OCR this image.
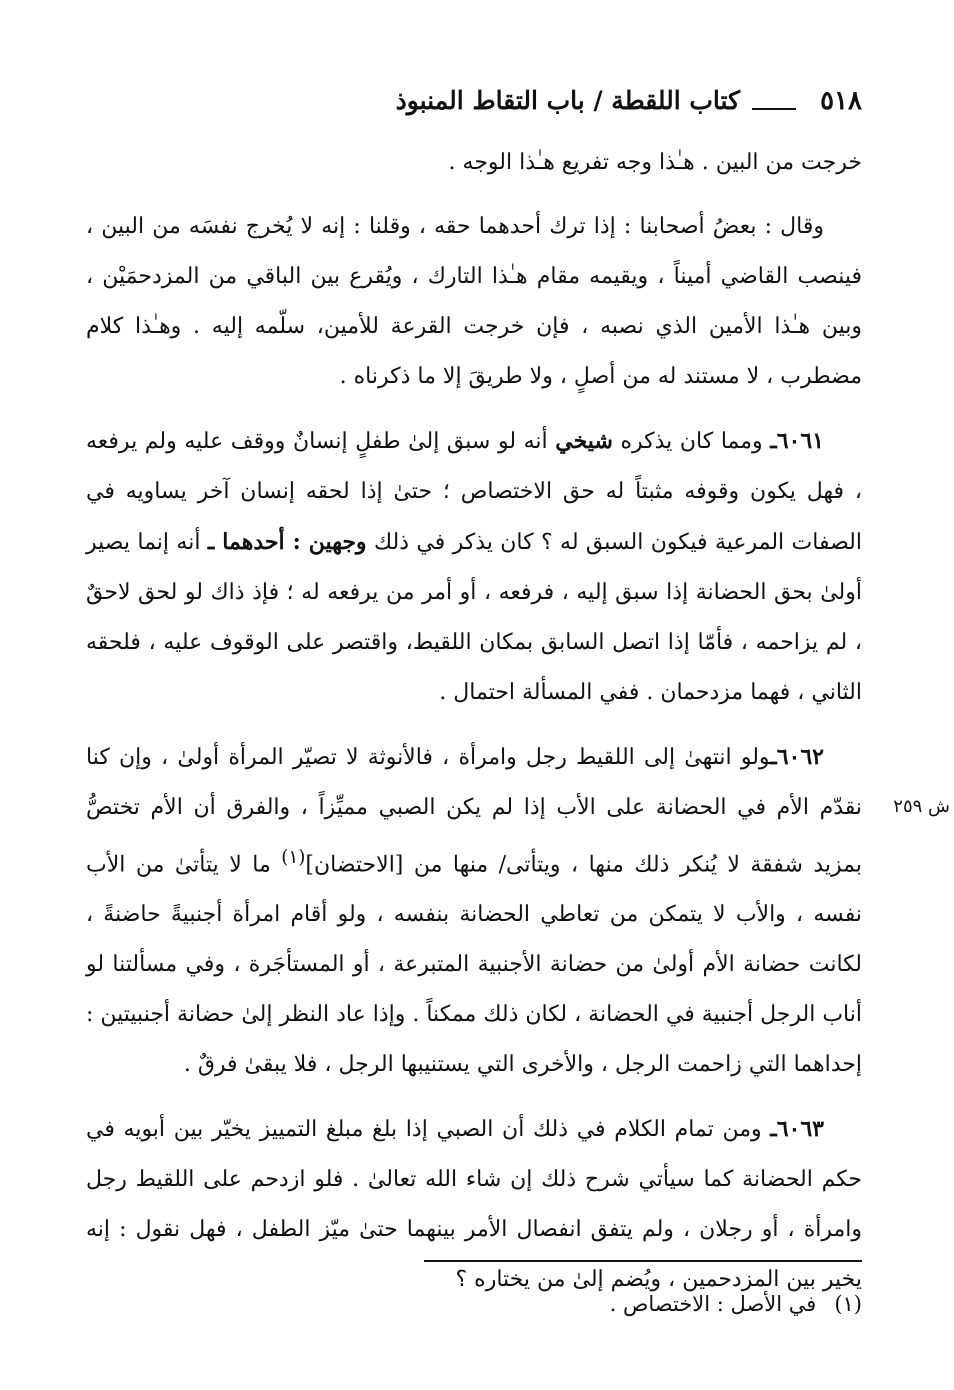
٥١٨
كتاب اللقطة / باب التقاط المنبوذ
ش ٢٥٩

خرجت من البين . هـٰذا وجه تفريع هـٰذا الوجه .

وقال : بعضُ أصحابنا : إذا ترك أحدهما حقه ، وقلنا : إنه لا يُخرج نفسَه من البين ، فينصب القاضي أميناً ، ويقيمه مقام هـٰذا التارك ، ويُقرع بين الباقي من المزدحمَيْن ، وبين هـٰذا الأمين الذي نصبه ، فإن خرجت القرعة للأمين، سلّمه إليه . وهـٰذا كلام مضطرب ، لا مستند له من أصلٍ ، ولا طريقَ إلا ما ذكرناه .

٦٠٦١ـ ومما كان يذكره شيخي أنه لو سبق إلىٰ طفلٍ إنسانٌ ووقف عليه ولم يرفعه ، فهل يكون وقوفه مثبتاً له حق الاختصاص ؛ حتىٰ إذا لحقه إنسان آخر يساويه في الصفات المرعية فيكون السبق له ؟ كان يذكر في ذلك وجهين : أحدهما ـ أنه إنما يصير أولىٰ بحق الحضانة إذا سبق إليه ، فرفعه ، أو أمر من يرفعه له ؛ فإذ ذاك لو لحق لاحقٌ ، لم يزاحمه ، فأمّا إذا اتصل السابق بمكان اللقيط، واقتصر على الوقوف عليه ، فلحقه الثاني ، فهما مزدحمان . ففي المسألة احتمال .

٦٠٦٢ـولو انتهىٰ إلى اللقيط رجل وامرأة ، فالأنوثة لا تصيّر المرأة أولىٰ ، وإن كنا نقدّم الأم في الحضانة على الأب إذا لم يكن الصبي مميِّزاً ، والفرق أن الأم تختصُّ بمزيد شفقة لا يُنكر ذلك منها ، ويتأتى/ منها من [الاحتضان]$^{(١)}$ ما لا يتأتىٰ من الأب نفسه ، والأب لا يتمكن من تعاطي الحضانة بنفسه ، ولو أقام امرأة أجنبيةً حاضنةً ، لكانت حضانة الأم أولىٰ من حضانة الأجنبية المتبرعة ، أو المستأجَرة ، وفي مسألتنا لو أناب الرجل أجنبية في الحضانة ، لكان ذلك ممكناً . وإذا عاد النظر إلىٰ حضانة أجنبيتين : إحداهما التي زاحمت الرجل ، والأخرى التي يستنيبها الرجل ، فلا يبقىٰ فرقٌ .

٦٠٦٣ـ ومن تمام الكلام في ذلك أن الصبي إذا بلغ مبلغ التمييز يخيّر بين أبويه في حكم الحضانة كما سيأتي شرح ذلك إن شاء الله تعالىٰ . فلو ازدحم على اللقيط رجل وامرأة ، أو رجلان ، ولم يتفق انفصال الأمر بينهما حتىٰ ميّز الطفل ، فهل نقول : إنه يخير بين المزدحمين ، ويُضم إلىٰ من يختاره ؟

(١)في الأصل : الاختصاص .
